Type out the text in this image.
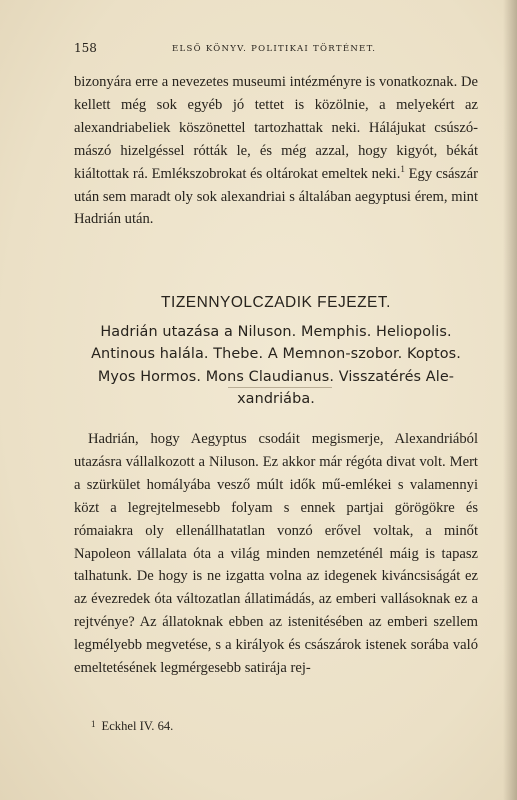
158	ELSŐ KÖNYV. POLITIKAI TÖRTÉNET.

bizonyára erre a nevezetes museumi intézményre is vonatkoznak. De kellett még sok egyéb jó tettet is közölnie, a melyekért az alexandriabeliek köszönettel tartozhattak neki. Hálájukat csúszó-mászó hizelgéssel rótták le, és még azzal, hogy kigyót, békát kiáltottak rá. Emlékszobrokat és oltárokat emeltek neki.$^1$ Egy császár után sem maradt oly sok alexandriai s általában aegyptusi érem, mint Hadrián után.

TIZENNYOLCZADIK FEJEZET.

Hadrián utazása a Niluson. Memphis. Heliopolis.
Antinous halála. Thebe. A Memnon-szobor. Koptos.
Myos Hormos. Mons Claudianus. Visszatérés Ale-
xandriába.

Hadrián, hogy Aegyptus csodáit megismerje, Alexandriából utazásra vállalkozott a Niluson. Ez akkor már régóta divat volt. Mert a szürkület homályába vesző múlt idők mű-emlékei s valamennyi közt a legrejtelmesebb folyam s ennek partjai görögökre és rómaiakra oly ellenállhatatlan vonzó erővel voltak, a minőt Napoleon vállalata óta a világ minden nemzeténél máig is tapasz talhatunk. De hogy is ne izgatta volna az idegenek kiváncsiságát ez az évezredek óta változatlan állatimádás, az emberi vallásoknak ez a rejtvénye? Az állatoknak ebben az istenitésében az emberi szellem legmélyebb megvetése, s a királyok és császárok istenek sorába való emeltetésének legmérgesebb satirája rej-

$^1$ Eckhel IV. 64.
